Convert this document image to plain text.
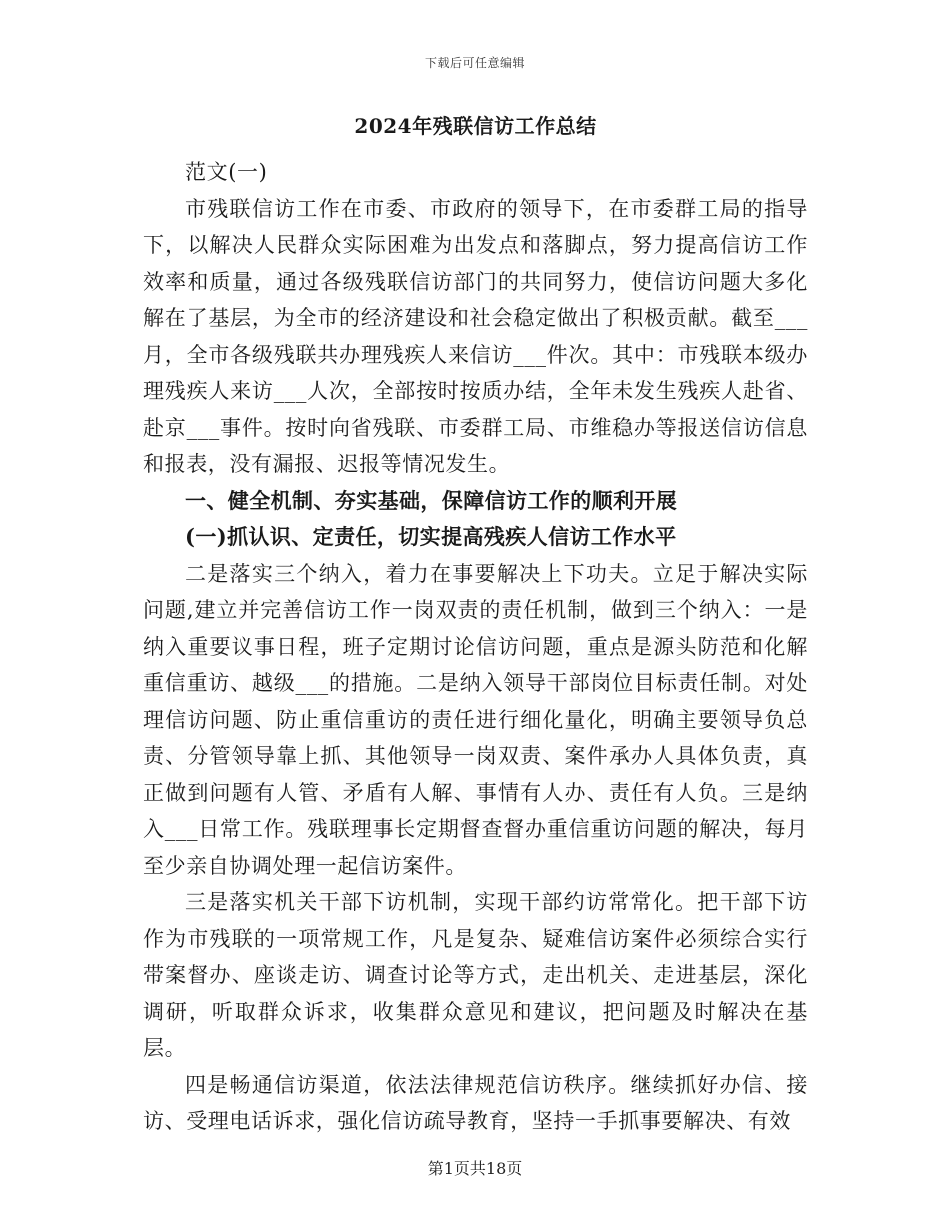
下载后可任意编辑
2024年残联信访工作总结

范文(一)

市残联信访工作在市委、市政府的领导下，在市委群工局的指导下，以解决人民群众实际困难为出发点和落脚点，努力提高信访工作效率和质量，通过各级残联信访部门的共同努力，使信访问题大多化解在了基层，为全市的经济建设和社会稳定做出了积极贡献。截至___月，全市各级残联共办理残疾人来信访___件次。其中：市残联本级办理残疾人来访___人次，全部按时按质办结，全年未发生残疾人赴省、赴京___事件。按时向省残联、市委群工局、市维稳办等报送信访信息和报表，没有漏报、迟报等情况发生。

一、健全机制、夯实基础，保障信访工作的顺利开展

(一)抓认识、定责任，切实提高残疾人信访工作水平

二是落实三个纳入，着力在事要解决上下功夫。立足于解决实际问题,建立并完善信访工作一岗双责的责任机制，做到三个纳入：一是纳入重要议事日程，班子定期讨论信访问题，重点是源头防范和化解重信重访、越级___的措施。二是纳入领导干部岗位目标责任制。对处理信访问题、防止重信重访的责任进行细化量化，明确主要领导负总责、分管领导靠上抓、其他领导一岗双责、案件承办人具体负责，真正做到问题有人管、矛盾有人解、事情有人办、责任有人负。三是纳入___日常工作。残联理事长定期督查督办重信重访问题的解决，每月至少亲自协调处理一起信访案件。

三是落实机关干部下访机制，实现干部约访常常化。把干部下访作为市残联的一项常规工作，凡是复杂、疑难信访案件必须综合实行带案督办、座谈走访、调查讨论等方式，走出机关、走进基层，深化调研，听取群众诉求，收集群众意见和建议，把问题及时解决在基层。

四是畅通信访渠道，依法法律规范信访秩序。继续抓好办信、接访、受理电话诉求，强化信访疏导教育，坚持一手抓事要解决、有效

第1页共18页
